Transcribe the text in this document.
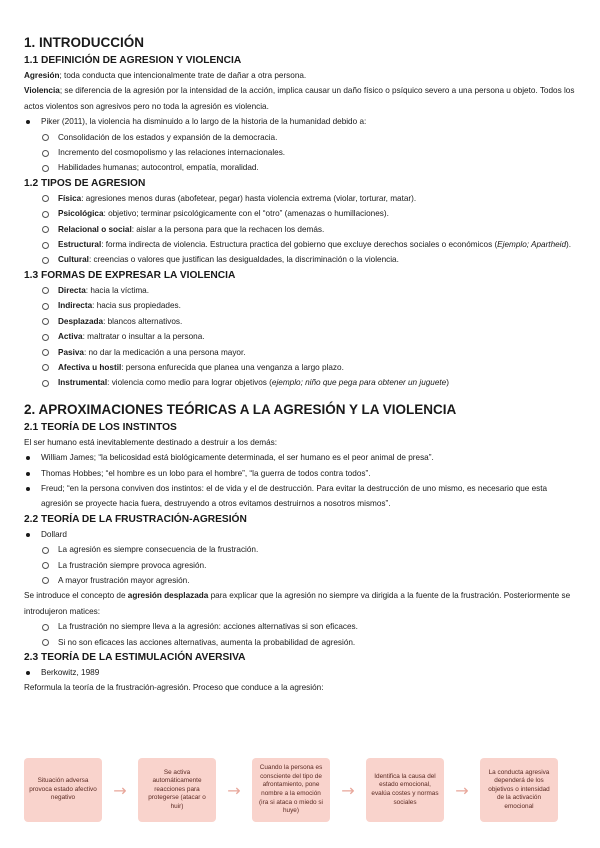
1. INTRODUCCIÓN
1.1 DEFINICIÓN DE AGRESION Y VIOLENCIA

Agresión; toda conducta que intencionalmente trate de dañar a otra persona.

Violencia; se diferencia de la agresión por la intensidad de la acción, implica causar un daño físico o psíquico severo a una persona u objeto. Todos los actos violentos son agresivos pero no toda la agresión es violencia.

Piker (2011), la violencia ha disminuido a lo largo de la historia de la humanidad debido a:
Consolidación de los estados y expansión de la democracia.
Incremento del cosmopolismo y las relaciones internacionales.
Habilidades humanas; autocontrol, empatía, moralidad.
1.2 TIPOS DE AGRESION
Física: agresiones menos duras (abofetear, pegar) hasta violencia extrema (violar, torturar, matar).
Psicológica: objetivo; terminar psicológicamente con el “otro” (amenazas o humillaciones).
Relacional o social: aislar a la persona para que la rechacen los demás.
Estructural: forma indirecta de violencia. Estructura practica del gobierno que excluye derechos sociales o económicos (Ejemplo; Apartheid).
Cultural: creencias o valores que justifican las desigualdades, la discriminación o la violencia.
1.3 FORMAS DE EXPRESAR LA VIOLENCIA
Directa: hacia la víctima.
Indirecta: hacia sus propiedades.
Desplazada: blancos alternativos.
Activa: maltratar o insultar a la persona.
Pasiva: no dar la medicación a una persona mayor.
Afectiva u hostil: persona enfurecida que planea una venganza a largo plazo.
Instrumental: violencia como medio para lograr objetivos (ejemplo; niño que pega para obtener un juguete)
2. APROXIMACIONES TEÓRICAS A LA AGRESIÓN Y LA VIOLENCIA
2.1 TEORÍA DE LOS INSTINTOS

El ser humano está inevitablemente destinado a destruir a los demás:

William James; “la belicosidad está biológicamente determinada, el ser humano es el peor animal de presa”.
Thomas Hobbes; “el hombre es un lobo para el hombre”, “la guerra de todos contra todos”.
Freud; “en la persona conviven dos instintos: el de vida y el de destrucción. Para evitar la destrucción de uno mismo, es necesario que esta agresión se proyecte hacia fuera, destruyendo a otros evitamos destruirnos a nosotros mismos”.
2.2 TEORÍA DE LA FRUSTRACIÓN-AGRESIÓN
Dollard
La agresión es siempre consecuencia de la frustración.
La frustración siempre provoca agresión.
A mayor frustración mayor agresión.

Se introduce el concepto de agresión desplazada para explicar que la agresión no siempre va dirigida a la fuente de la frustración. Posteriormente se introdujeron matices:

La frustración no siempre lleva a la agresión: acciones alternativas si son eficaces.
Si no son eficaces las acciones alternativas, aumenta la probabilidad de agresión.
2.3 TEORÍA DE LA ESTIMULACIÓN AVERSIVA
Berkowitz, 1989

Reformula la teoría de la frustración-agresión. Proceso que conduce a la agresión:

Situación adversa provoca estado afectivo negativo	→
Se activa automáticamente reacciones para protegerse (atacar o huir)
→
Cuando la persona es consciente del tipo de afrontamiento, pone nombre a la emoción (ira si ataca o miedo si huye)
→
Identifica la causa del estado emocional, evalúa costes y normas sociales
→
La conducta agresiva dependerá de los objetivos o intensidad de la activación emocional
